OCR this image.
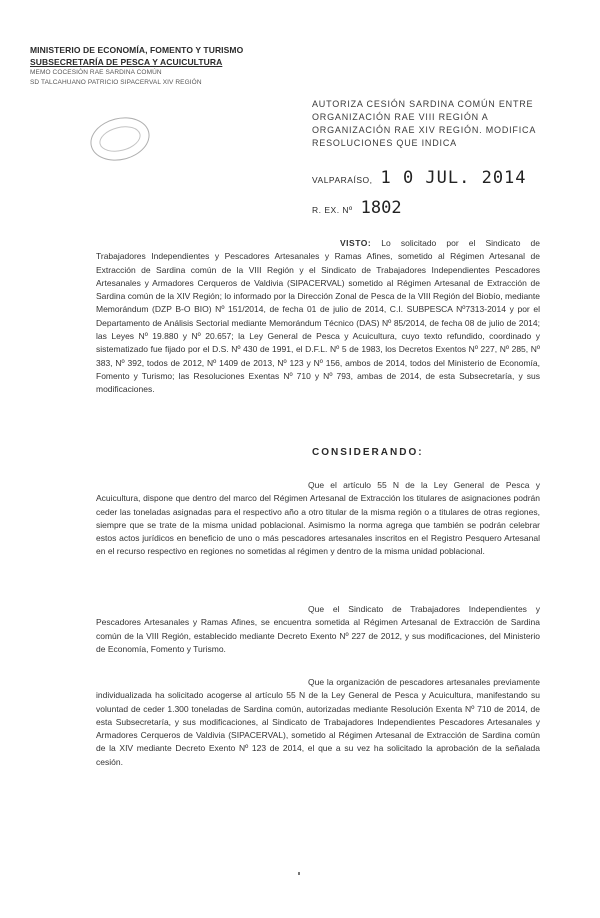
MINISTERIO DE ECONOMÍA, FOMENTO Y TURISMO
SUBSECRETARÍA DE PESCA Y ACUICULTURA
MEMO COCESIÓN RAE SARDINA COMÚN
SD TALCAHUANO PATRICIO SIPACERVAL XIV REGIÓN
AUTORIZA CESIÓN SARDINA COMÚN ENTRE ORGANIZACIÓN RAE VIII REGIÓN A ORGANIZACIÓN RAE XIV REGIÓN. MODIFICA RESOLUCIONES QUE INDICA
VALPARAÍSO, 1 0 JUL. 2014
R. EX. Nº 1802
VISTO: Lo solicitado por el Sindicato de Trabajadores Independientes y Pescadores Artesanales y Ramas Afines, sometido al Régimen Artesanal de Extracción de Sardina común de la VIII Región y el Sindicato de Trabajadores Independientes Pescadores Artesanales y Armadores Cerqueros de Valdivia (SIPACERVAL) sometido al Régimen Artesanal de Extracción de Sardina común de la XIV Región; lo informado por la Dirección Zonal de Pesca de la VIII Región del Biobío, mediante Memorándum (DZP B-O BIO) Nº 151/2014, de fecha 01 de julio de 2014, C.I. SUBPESCA Nº7313-2014 y por el Departamento de Análisis Sectorial mediante Memorándum Técnico (DAS) Nº 85/2014, de fecha 08 de julio de 2014; las Leyes Nº 19.880 y Nº 20.657; la Ley General de Pesca y Acuicultura, cuyo texto refundido, coordinado y sistematizado fue fijado por el D.S. Nº 430 de 1991, el D.F.L. Nº 5 de 1983, los Decretos Exentos Nº 227, Nº 285, Nº 383, Nº 392, todos de 2012, Nº 1409 de 2013, Nº 123 y Nº 156, ambos de 2014, todos del Ministerio de Economía, Fomento y Turismo; las Resoluciones Exentas Nº 710 y Nº 793, ambas de 2014, de esta Subsecretaría, y sus modificaciones.
CONSIDERANDO:
Que el artículo 55 N de la Ley General de Pesca y Acuicultura, dispone que dentro del marco del Régimen Artesanal de Extracción los titulares de asignaciones podrán ceder las toneladas asignadas para el respectivo año a otro titular de la misma región o a titulares de otras regiones, siempre que se trate de la misma unidad poblacional. Asimismo la norma agrega que también se podrán celebrar estos actos jurídicos en beneficio de uno o más pescadores artesanales inscritos en el Registro Pesquero Artesanal en el recurso respectivo en regiones no sometidas al régimen y dentro de la misma unidad poblacional.
Que el Sindicato de Trabajadores Independientes y Pescadores Artesanales y Ramas Afines, se encuentra sometida al Régimen Artesanal de Extracción de Sardina común de la VIII Región, establecido mediante Decreto Exento Nº 227 de 2012, y sus modificaciones, del Ministerio de Economía, Fomento y Turismo.
Que la organización de pescadores artesanales previamente individualizada ha solicitado acogerse al artículo 55 N de la Ley General de Pesca y Acuicultura, manifestando su voluntad de ceder 1.300 toneladas de Sardina común, autorizadas mediante Resolución Exenta Nº 710 de 2014, de esta Subsecretaría, y sus modificaciones, al Sindicato de Trabajadores Independientes Pescadores Artesanales y Armadores Cerqueros de Valdivia (SIPACERVAL), sometido al Régimen Artesanal de Extracción de Sardina común de la XIV mediante Decreto Exento Nº 123 de 2014, el que a su vez ha solicitado la aprobación de la señalada cesión.
